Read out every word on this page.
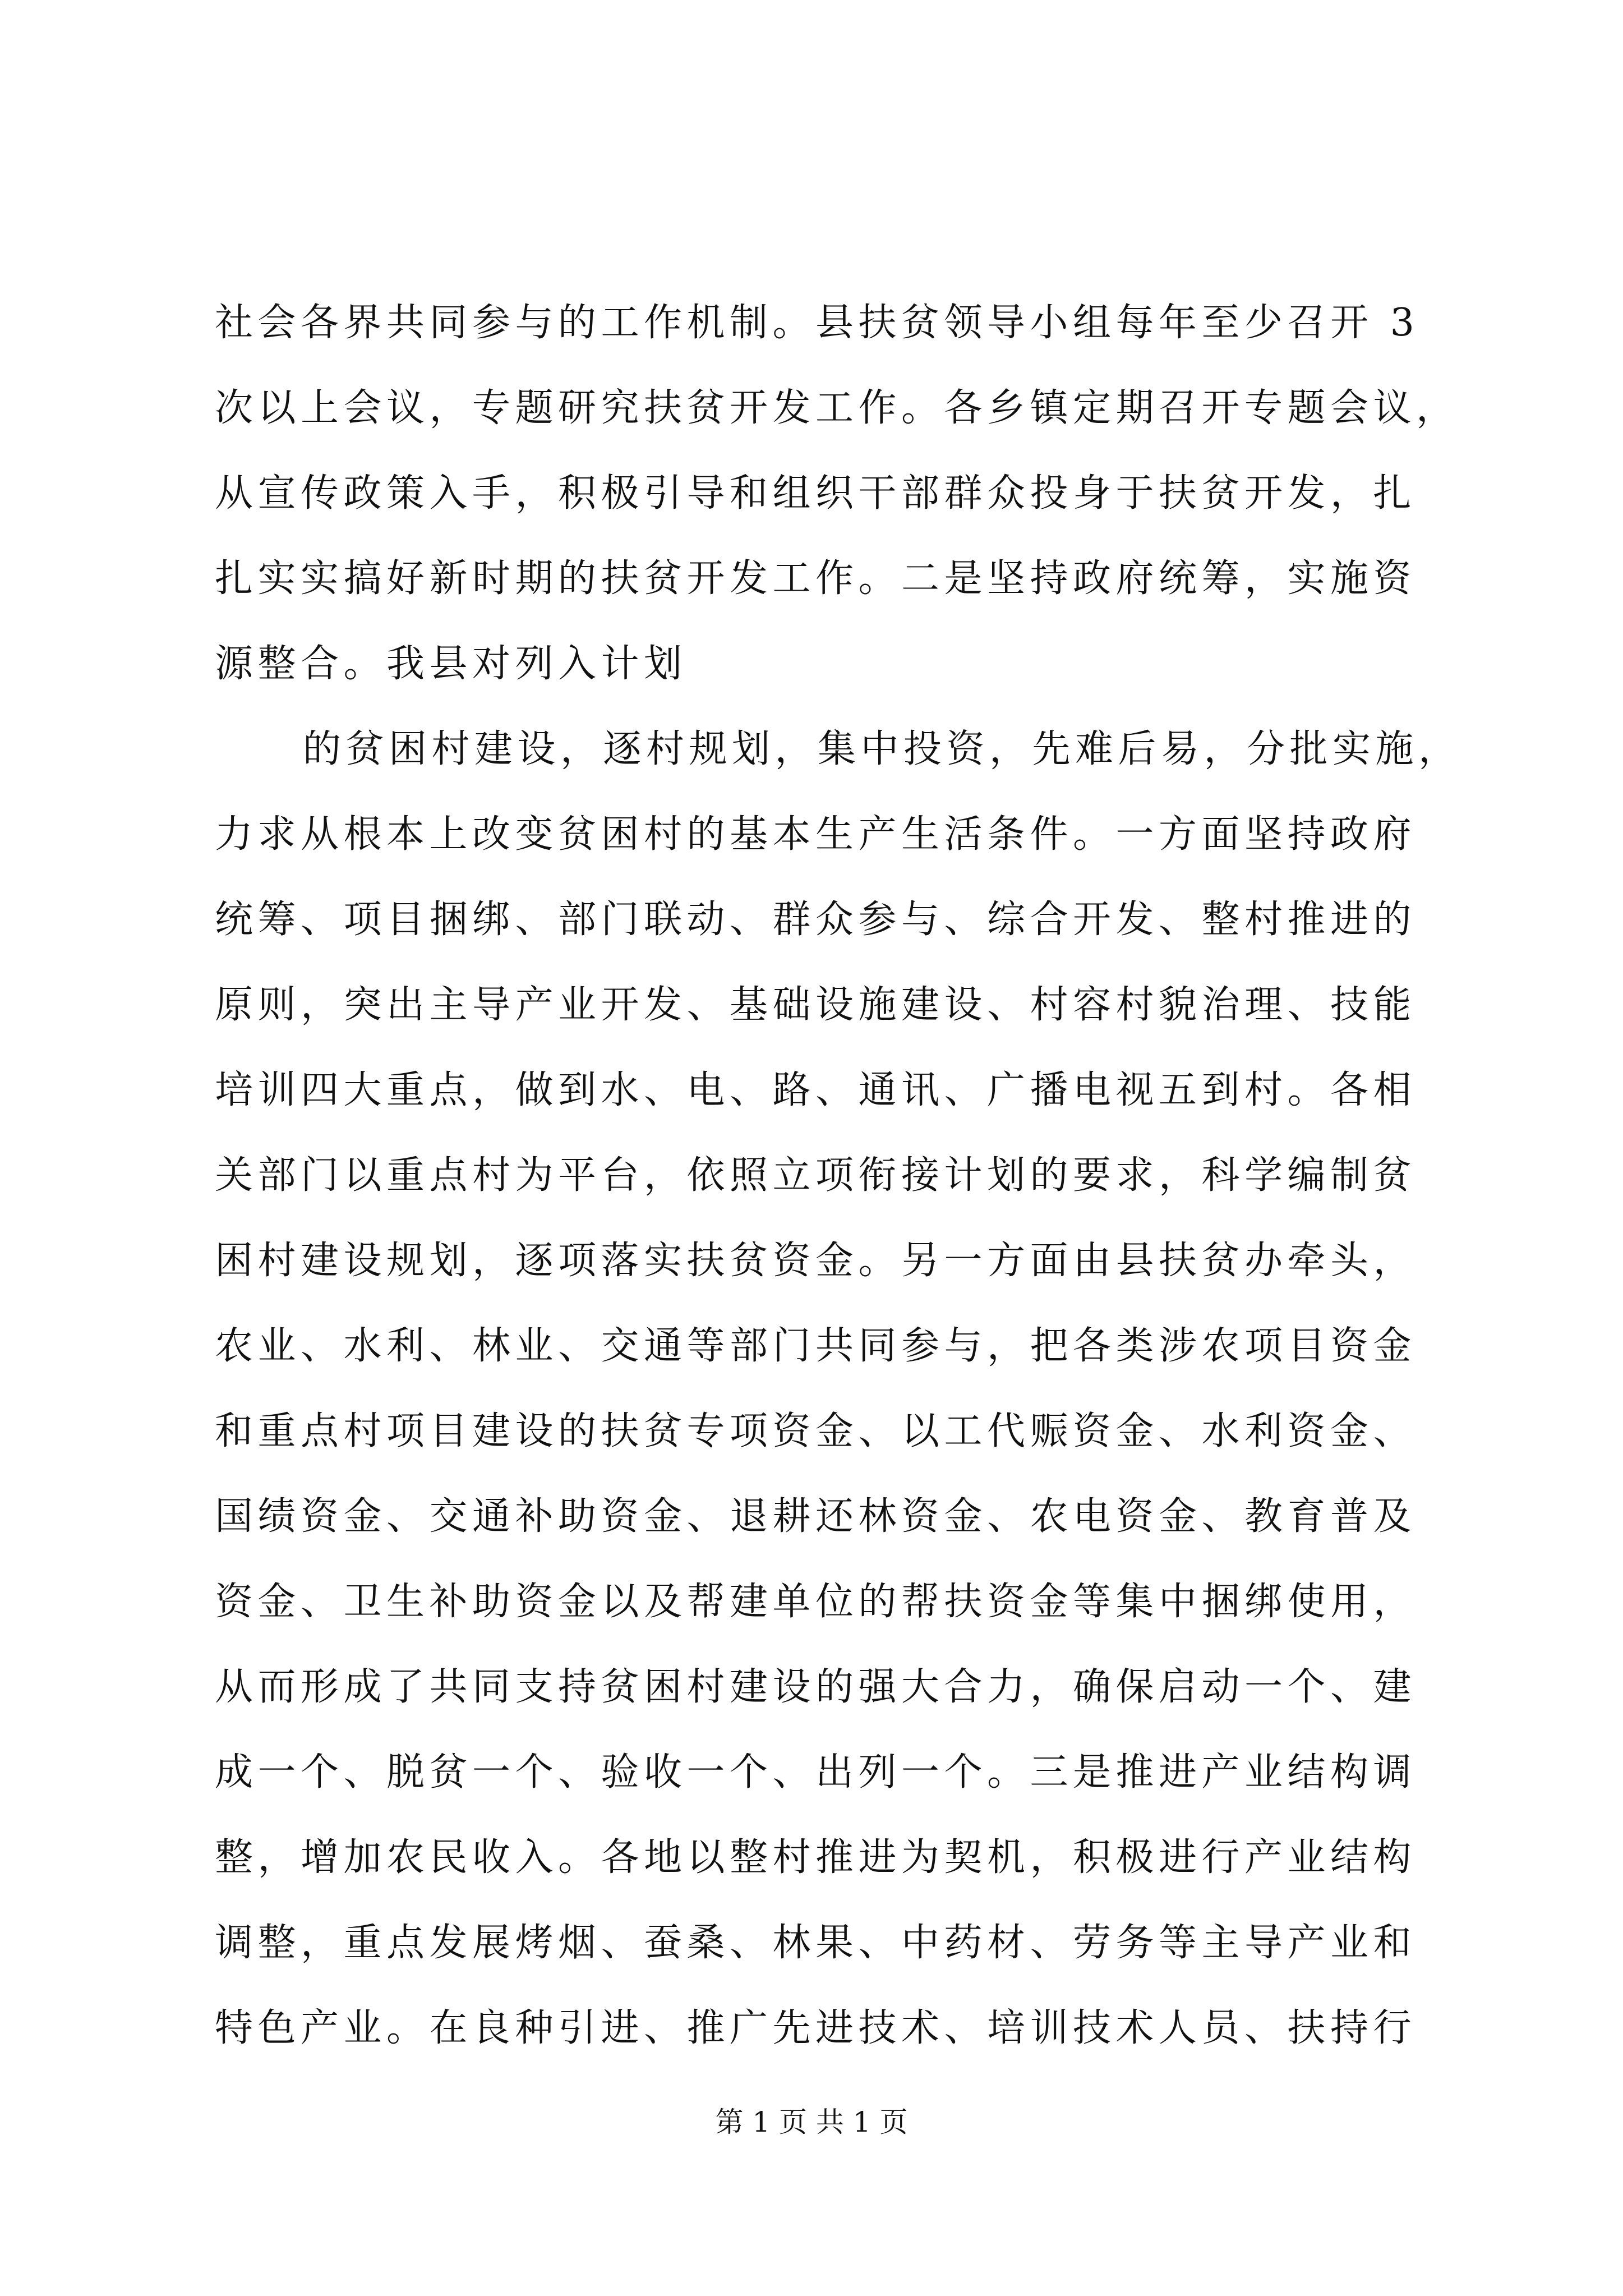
社会各界共同参与的工作机制。县扶贫领导小组每年至少召开 3
次以上会议，专题研究扶贫开发工作。各乡镇定期召开专题会议，
从宣传政策入手，积极引导和组织干部群众投身于扶贫开发，扎
扎实实搞好新时期的扶贫开发工作。二是坚持政府统筹，实施资
源整合。我县对列入计划
的贫困村建设，逐村规划，集中投资，先难后易，分批实施，
力求从根本上改变贫困村的基本生产生活条件。一方面坚持政府
统筹、项目捆绑、部门联动、群众参与、综合开发、整村推进的
原则，突出主导产业开发、基础设施建设、村容村貌治理、技能
培训四大重点，做到水、电、路、通讯、广播电视五到村。各相
关部门以重点村为平台，依照立项衔接计划的要求，科学编制贫
困村建设规划，逐项落实扶贫资金。另一方面由县扶贫办牵头，
农业、水利、林业、交通等部门共同参与，把各类涉农项目资金
和重点村项目建设的扶贫专项资金、以工代赈资金、水利资金、
国绩资金、交通补助资金、退耕还林资金、农电资金、教育普及
资金、卫生补助资金以及帮建单位的帮扶资金等集中捆绑使用，
从而形成了共同支持贫困村建设的强大合力，确保启动一个、建
成一个、脱贫一个、验收一个、出列一个。三是推进产业结构调
整，增加农民收入。各地以整村推进为契机，积极进行产业结构
调整，重点发展烤烟、蚕桑、林果、中药材、劳务等主导产业和
特色产业。在良种引进、推广先进技术、培训技术人员、扶持行
第 1 页 共 1 页
